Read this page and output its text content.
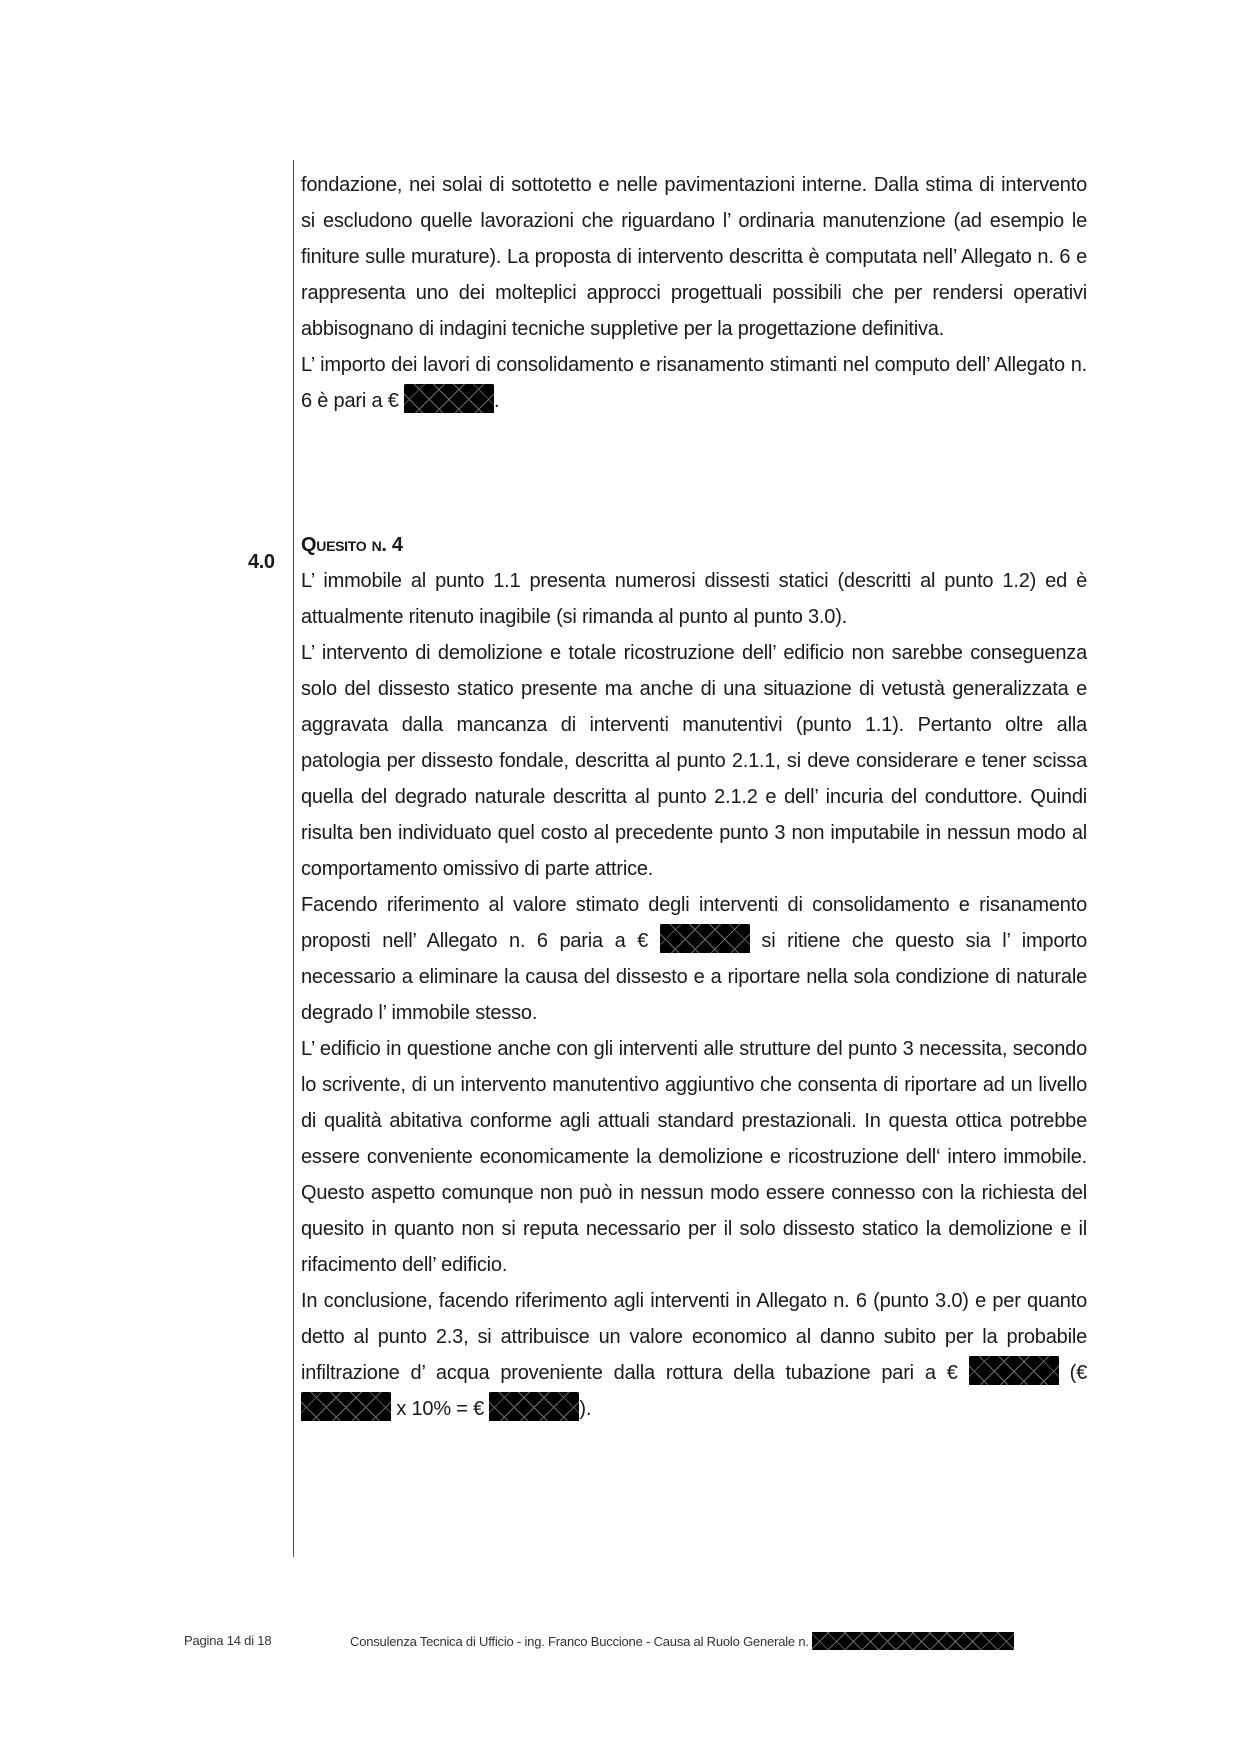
4.0

fondazione, nei solai di sottotetto e nelle pavimentazioni interne. Dalla stima di intervento si escludono quelle lavorazioni che riguardano l’ ordinaria manutenzione (ad esempio le finiture sulle murature). La proposta di intervento descritta è computata nell’ Allegato n. 6 e rappresenta uno dei molteplici approcci progettuali possibili che per rendersi operativi abbisognano di indagini tecniche suppletive per la progettazione definitiva.

L’ importo dei lavori di consolidamento e risanamento stimanti nel computo dell’ Allegato n. 6 è pari a €	.

Quesito n. 4

L’ immobile al punto 1.1 presenta numerosi dissesti statici (descritti al punto 1.2) ed è attualmente ritenuto inagibile (si rimanda al punto al punto 3.0).

L’ intervento di demolizione e totale ricostruzione dell’ edificio non sarebbe conseguenza solo del dissesto statico presente ma anche di una situazione di vetustà generalizzata e aggravata dalla mancanza di interventi manutentivi (punto 1.1). Pertanto oltre alla patologia per dissesto fondale, descritta al punto 2.1.1, si deve considerare e tener scissa quella del degrado naturale descritta al punto 2.1.2 e dell’ incuria del conduttore. Quindi risulta ben individuato quel costo al precedente punto 3 non imputabile in nessun modo al comportamento omissivo di parte attrice.

Facendo riferimento al valore stimato degli interventi di consolidamento e risanamento proposti nell’ Allegato n. 6 paria a €	si ritiene che questo sia l’ importo necessario a eliminare la causa del dissesto e a riportare nella sola condizione di naturale degrado l’ immobile stesso.

L’ edificio in questione anche con gli interventi alle strutture del punto 3 necessita, secondo lo scrivente, di un intervento manutentivo aggiuntivo che consenta di riportare ad un livello di qualità abitativa conforme agli attuali standard prestazionali. In questa ottica potrebbe essere conveniente economicamente la demolizione e ricostruzione dell‘ intero immobile. Questo aspetto comunque non può in nessun modo essere connesso con la richiesta del quesito in quanto non si reputa necessario per il solo dissesto statico la demolizione e il rifacimento dell’ edificio.

In conclusione, facendo riferimento agli interventi in Allegato n. 6 (punto 3.0) e per quanto detto al punto 2.3, si attribuisce un valore economico al danno subito per la probabile infiltrazione d’ acqua proveniente dalla rottura della tubazione pari a €	(€  x 10% = €	).

Pagina 14 di 18	Consulenza Tecnica di Ufficio - ing. Franco Buccione - Causa al Ruolo Generale n.
